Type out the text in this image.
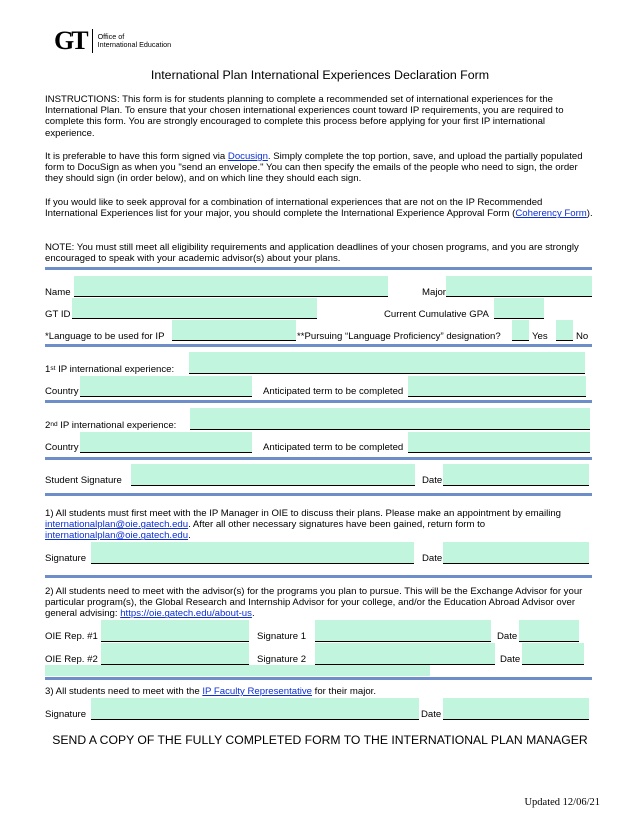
GT Office of
International Education
International Plan International Experiences Declaration Form
INSTRUCTIONS: This form is for students planning to complete a recommended set of international experiences for the International Plan. To ensure that your chosen international experiences count toward IP requirements, you are required to complete this form. You are strongly encouraged to complete this process before applying for your first IP international experience.
It is preferable to have this form signed via Docusign. Simply complete the top portion, save, and upload the partially populated form to DocuSign as when you "send an envelope." You can then specify the emails of the people who need to sign, the order they should sign (in order below), and on which line they should each sign.
If you would like to seek approval for a combination of international experiences that are not on the IP Recommended International Experiences list for your major, you should complete the International Experience Approval Form (Coherency Form).
NOTE: You must still meet all eligibility requirements and application deadlines of your chosen programs, and you are strongly encouraged to speak with your academic advisor(s) about your plans.
Name	Major
GT ID	Current Cumulative GPA
*Language to be used for IP	**Pursuing “Language Proficiency” designation?	Yes	No
1st IP international experience:
Country	Anticipated term to be completed
2nd IP international experience:
Country	Anticipated term to be completed
Student Signature	Date
1) All students must first meet with the IP Manager in OIE to discuss their plans. Please make an appointment by emailing internationalplan@oie.gatech.edu. After all other necessary signatures have been gained, return form to internationalplan@oie.gatech.edu.
Signature	Date
2) All students need to meet with the advisor(s) for the programs you plan to pursue. This will be the Exchange Advisor for your particular program(s), the Global Research and Internship Advisor for your college, and/or the Education Abroad Advisor over general advising: https://oie.gatech.edu/about-us.
OIE Rep. #1	Signature 1	Date
OIE Rep. #2	Signature 2	Date
3) All students need to meet with the IP Faculty Representative for their major.
Signature	Date
SEND A COPY OF THE FULLY COMPLETED FORM TO THE INTERNATIONAL PLAN MANAGER
Updated 12/06/21
